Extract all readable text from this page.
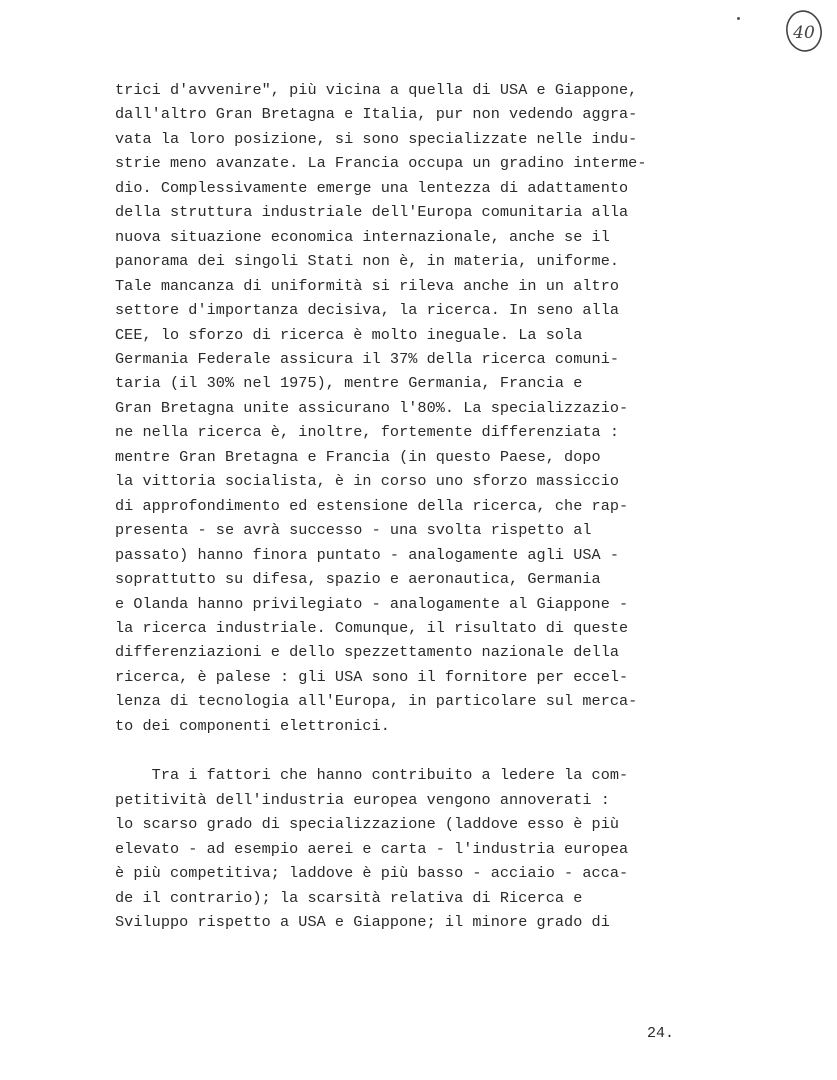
40
trici d'avvenire", più vicina a quella di USA e Giappone,
dall'altro Gran Bretagna e Italia, pur non vedendo aggra-
vata la loro posizione, si sono specializzate nelle indu-
strie meno avanzate. La Francia occupa un gradino interme-
dio. Complessivamente emerge una lentezza di adattamento
della struttura industriale dell'Europa comunitaria alla
nuova situazione economica internazionale, anche se il
panorama dei singoli Stati non è, in materia, uniforme.
Tale mancanza di uniformità si rileva anche in un altro
settore d'importanza decisiva, la ricerca. In seno alla
CEE, lo sforzo di ricerca è molto ineguale. La sola
Germania Federale assicura il 37% della ricerca comuni-
taria (il 30% nel 1975), mentre Germania, Francia e
Gran Bretagna unite assicurano l'80%. La specializzazio-
ne nella ricerca è, inoltre, fortemente differenziata :
mentre Gran Bretagna e Francia (in questo Paese, dopo
la vittoria socialista, è in corso uno sforzo massiccio
di approfondimento ed estensione della ricerca, che rap-
presenta - se avrà successo - una svolta rispetto al
passato) hanno finora puntato - analogamente agli USA -
soprattutto su difesa, spazio e aeronautica, Germania
e Olanda hanno privilegiato - analogamente al Giappone -
la ricerca industriale. Comunque, il risultato di queste
differenziazioni e dello spezzettamento nazionale della
ricerca, è palese : gli USA sono il fornitore per eccel-
lenza di tecnologia all'Europa, in particolare sul merca-
to dei componenti elettronici.
Tra i fattori che hanno contribuito a ledere la com-
petitività dell'industria europea vengono annoverati :
lo scarso grado di specializzazione (laddove esso è più
elevato - ad esempio aerei e carta - l'industria europea
è più competitiva; laddove è più basso - acciaio - acca-
de il contrario); la scarsità relativa di Ricerca e
Sviluppo rispetto a USA e Giappone; il minore grado di
24.
